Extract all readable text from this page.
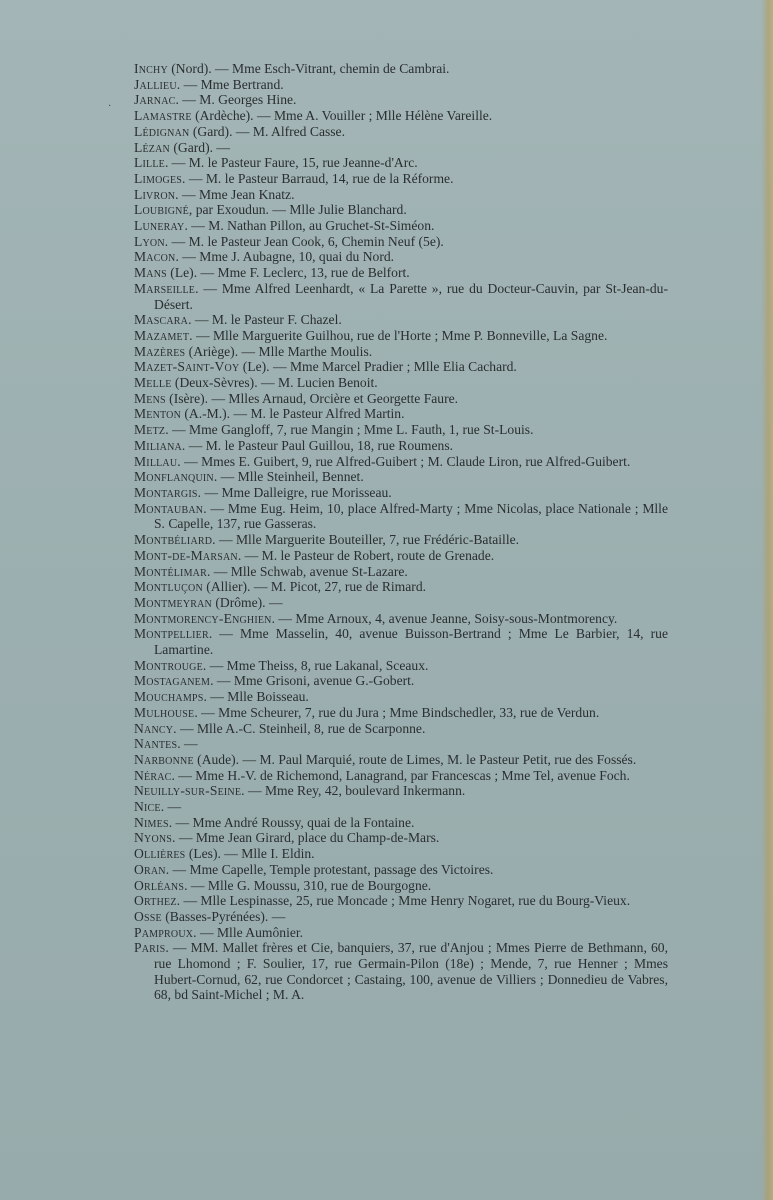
·
Inchy (Nord). — Mme Esch-Vitrant, chemin de Cambrai.
Jallieu. — Mme Bertrand.
Jarnac. — M. Georges Hine.
Lamastre (Ardèche). — Mme A. Vouiller ; Mlle Hélène Vareille.
Lédignan (Gard). — M. Alfred Casse.
Lézan (Gard). —
Lille. — M. le Pasteur Faure, 15, rue Jeanne-d'Arc.
Limoges. — M. le Pasteur Barraud, 14, rue de la Réforme.
Livron. — Mme Jean Knatz.
Loubigné, par Exoudun. — Mlle Julie Blanchard.
Luneray. — M. Nathan Pillon, au Gruchet-St-Siméon.
Lyon. — M. le Pasteur Jean Cook, 6, Chemin Neuf (5e).
Macon. — Mme J. Aubagne, 10, quai du Nord.
Mans (Le). — Mme F. Leclerc, 13, rue de Belfort.
Marseille. — Mme Alfred Leenhardt, « La Parette », rue du Docteur-Cauvin, par St-Jean-du-Désert.
Mascara. — M. le Pasteur F. Chazel.
Mazamet. — Mlle Marguerite Guilhou, rue de l'Horte ; Mme P. Bonneville, La Sagne.
Mazères (Ariège). — Mlle Marthe Moulis.
Mazet-Saint-Voy (Le). — Mme Marcel Pradier ; Mlle Elia Cachard.
Melle (Deux-Sèvres). — M. Lucien Benoit.
Mens (Isère). — Mlles Arnaud, Orcière et Georgette Faure.
Menton (A.-M.). — M. le Pasteur Alfred Martin.
Metz. — Mme Gangloff, 7, rue Mangin ; Mme L. Fauth, 1, rue St-Louis.
Miliana. — M. le Pasteur Paul Guillou, 18, rue Roumens.
Millau. — Mmes E. Guibert, 9, rue Alfred-Guibert ; M. Claude Liron, rue Alfred-Guibert.
Monflanquin. — Mlle Steinheil, Bennet.
Montargis. — Mme Dalleigre, rue Morisseau.
Montauban. — Mme Eug. Heim, 10, place Alfred-Marty ; Mme Nicolas, place Nationale ; Mlle S. Capelle, 137, rue Gasseras.
Montbéliard. — Mlle Marguerite Bouteiller, 7, rue Frédéric-Bataille.
Mont-de-Marsan. — M. le Pasteur de Robert, route de Grenade.
Montélimar. — Mlle Schwab, avenue St-Lazare.
Montluçon (Allier). — M. Picot, 27, rue de Rimard.
Montmeyran (Drôme). —
Montmorency-Enghien. — Mme Arnoux, 4, avenue Jeanne, Soisy-sous-Montmorency.
Montpellier. — Mme Masselin, 40, avenue Buisson-Bertrand ; Mme Le Barbier, 14, rue Lamartine.
Montrouge. — Mme Theiss, 8, rue Lakanal, Sceaux.
Mostaganem. — Mme Grisoni, avenue G.-Gobert.
Mouchamps. — Mlle Boisseau.
Mulhouse. — Mme Scheurer, 7, rue du Jura ; Mme Bindschedler, 33, rue de Verdun.
Nancy. — Mlle A.-C. Steinheil, 8, rue de Scarponne.
Nantes. —
Narbonne (Aude). — M. Paul Marquié, route de Limes, M. le Pasteur Petit, rue des Fossés.
Nérac. — Mme H.-V. de Richemond, Lanagrand, par Francescas ; Mme Tel, avenue Foch.
Neuilly-sur-Seine. — Mme Rey, 42, boulevard Inkermann.
Nice. —
Nimes. — Mme André Roussy, quai de la Fontaine.
Nyons. — Mme Jean Girard, place du Champ-de-Mars.
Ollières (Les). — Mlle I. Eldin.
Oran. — Mme Capelle, Temple protestant, passage des Victoires.
Orléans. — Mlle G. Moussu, 310, rue de Bourgogne.
Orthez. — Mlle Lespinasse, 25, rue Moncade ; Mme Henry Nogaret, rue du Bourg-Vieux.
Osse (Basses-Pyrénées). —
Pamproux. — Mlle Aumônier.
Paris. — MM. Mallet frères et Cie, banquiers, 37, rue d'Anjou ; Mmes Pierre de Bethmann, 60, rue Lhomond ; F. Soulier, 17, rue Germain-Pilon (18e) ; Mende, 7, rue Henner ; Mmes Hubert-Cornud, 62, rue Condorcet ; Castaing, 100, avenue de Villiers ; Donnedieu de Vabres, 68, bd Saint-Michel ; M. A.
